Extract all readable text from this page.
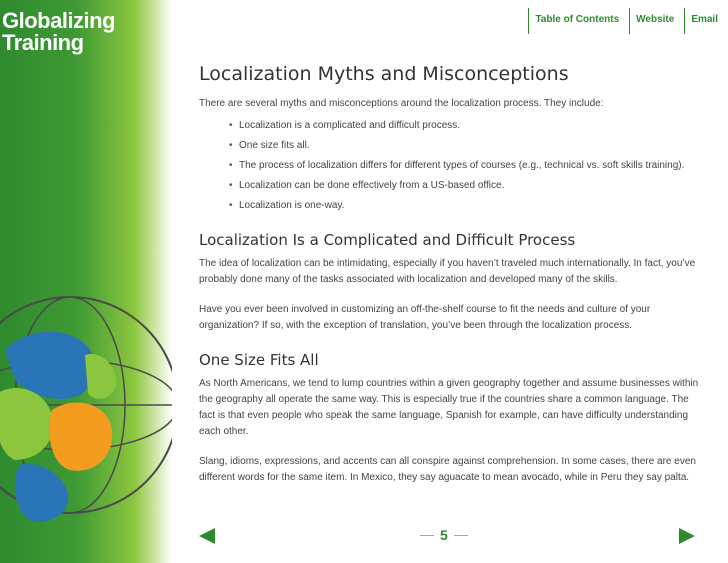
Globalizing
Training
Table of Contents	Website	Email
Localization Myths and Misconceptions

There are several myths and misconceptions around the localization process. They include:

• Localization is a complicated and difficult process.
• One size fits all.
• The process of localization differs for different types of courses (e.g., technical vs. soft skills training).
• Localization can be done effectively from a US-based office.
• Localization is one-way.
Localization Is a Complicated and Difficult Process

The idea of localization can be intimidating, especially if you haven’t traveled much internationally. In fact, you’ve probably done many of the tasks associated with localization and developed many of the skills.

Have you ever been involved in customizing an off-the-shelf course to fit the needs and culture of your organization? If so, with the exception of translation, you’ve been through the localization process.

One Size Fits All

As North Americans, we tend to lump countries within a given geography together and assume businesses within the geography all operate the same way. This is especially true if the countries share a common language. The fact is that even people who speak the same language, Spanish for example, can have difficulty understanding each other.

Slang, idioms, expressions, and accents can all conspire against comprehension. In some cases, there are even different words for the same item. In Mexico, they say aguacate to mean avocado, while in Peru they say palta.

5
